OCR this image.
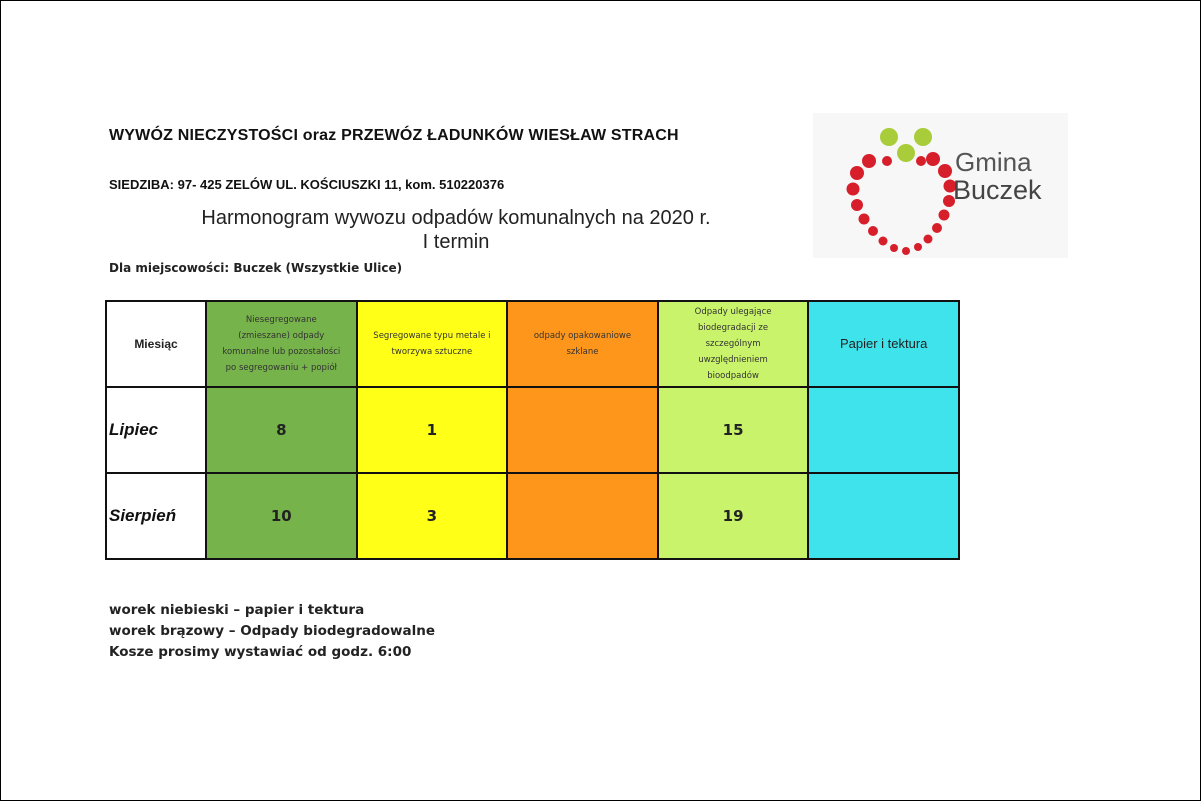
WYWÓZ NIECZYSTOŚCI oraz PRZEWÓZ ŁADUNKÓW WIESŁAW STRACH
SIEDZIBA: 97- 425 ZELÓW UL. KOŚCIUSZKI 11, kom. 510220376
Harmonogram wywozu odpadów komunalnych na 2020 r.
I termin
Dla miejscowości: Buczek (Wszystkie Ulice)
Gmina
Buczek
Miesiąc	Niesegregowane
(zmieszane) odpady
komunalne lub pozostałości
po segregowaniu + popiół	Segregowane typu metale i
tworzywa sztuczne	odpady opakowaniowe
szklane	Odpady ulegające
biodegradacji ze
szczególnym
uwzględnieniem
bioodpadów	Papier i tektura

Lipiec	8	1		15	

Sierpień	10	3		19	
worek niebieski – papier i tektura
worek brązowy – Odpady biodegradowalne
Kosze prosimy wystawiać od godz. 6:00
